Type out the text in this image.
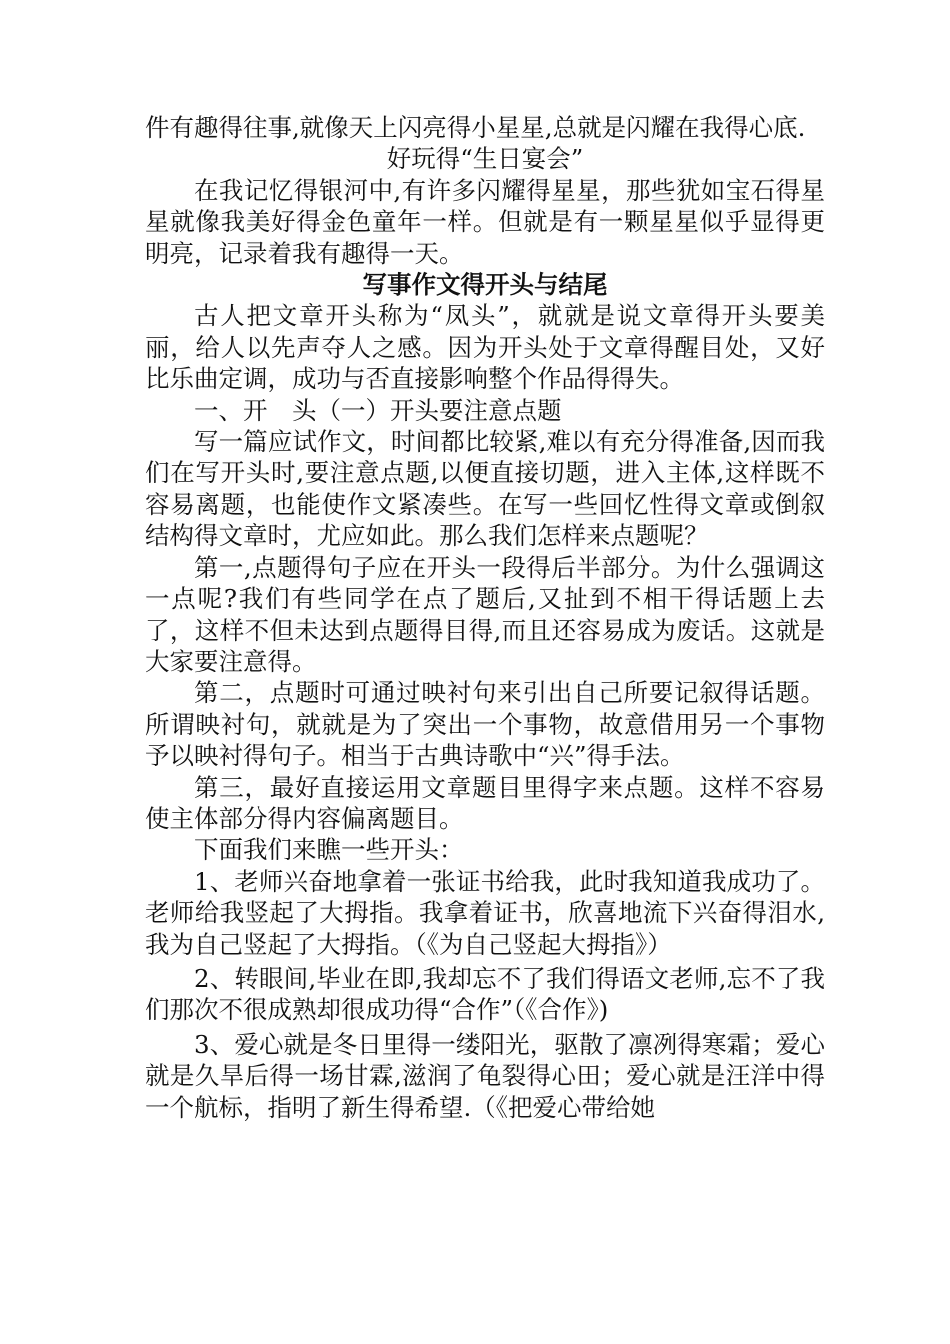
件有趣得往事,就像天上闪亮得小星星,总就是闪耀在我得心底.

好玩得“生日宴会”

在我记忆得银河中,有许多闪耀得星星，那些犹如宝石得星星就像我美好得金色童年一样。但就是有一颗星星似乎显得更明亮，记录着我有趣得一天。

写事作文得开头与结尾

古人把文章开头称为“凤头”，就就是说文章得开头要美丽，给人以先声夺人之感。因为开头处于文章得醒目处，又好比乐曲定调，成功与否直接影响整个作品得得失。

一、开　头（一）开头要注意点题

写一篇应试作文，时间都比较紧,难以有充分得准备,因而我们在写开头时,要注意点题,以便直接切题，进入主体,这样既不容易离题，也能使作文紧凑些。在写一些回忆性得文章或倒叙结构得文章时，尤应如此。那么我们怎样来点题呢？

第一,点题得句子应在开头一段得后半部分。为什么强调这一点呢?我们有些同学在点了题后,又扯到不相干得话题上去了，这样不但未达到点题得目得,而且还容易成为废话。这就是大家要注意得。

第二，点题时可通过映衬句来引出自己所要记叙得话题。所谓映衬句，就就是为了突出一个事物，故意借用另一个事物予以映衬得句子。相当于古典诗歌中“兴”得手法。

第三，最好直接运用文章题目里得字来点题。这样不容易使主体部分得内容偏离题目。

下面我们来瞧一些开头：

1、老师兴奋地拿着一张证书给我，此时我知道我成功了。老师给我竖起了大拇指。我拿着证书，欣喜地流下兴奋得泪水,我为自己竖起了大拇指。（《为自己竖起大拇指》）

2、转眼间,毕业在即,我却忘不了我们得语文老师,忘不了我们那次不很成熟却很成功得“合作”（《合作》)

3、爱心就是冬日里得一缕阳光，驱散了凛冽得寒霜；爱心就是久旱后得一场甘霖,滋润了龟裂得心田；爱心就是汪洋中得一个航标，指明了新生得希望.（《把爱心带给她
